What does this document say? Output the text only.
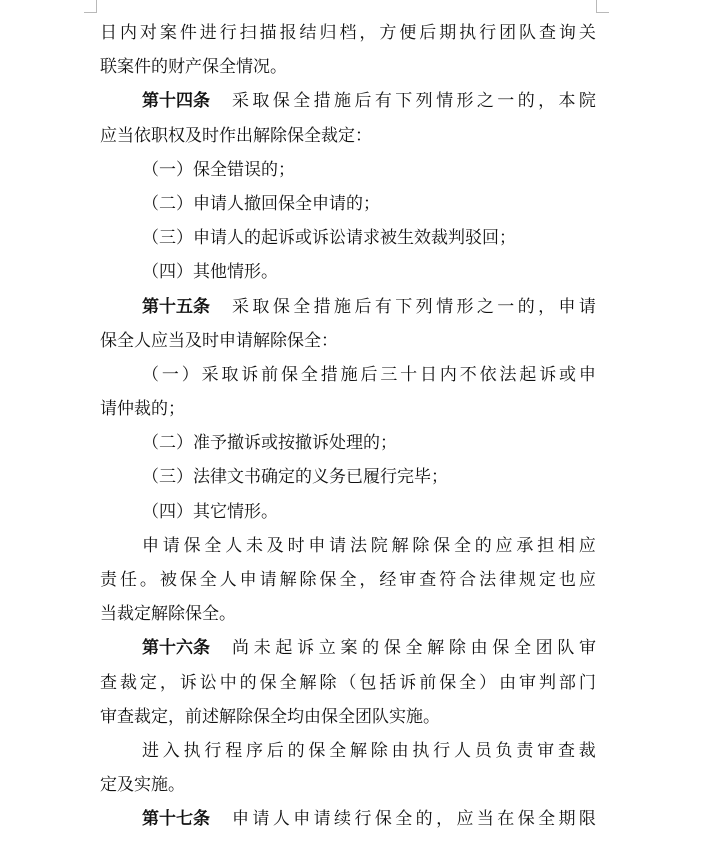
日 内 对 案 件 进 行 扫 描 报 结 归 档 ， 方 便 后 期 执 行 团 队 查 询 关
联案件的财产保全情况。
第十四条 采 取 保 全 措 施 后 有 下 列 情 形 之 一 的 ， 本 院
应 当 依 职 权 及 时 作 出 解 除 保 全 裁 定 ：
（一）保全错误的；
（二）申请人撤回保全申请的；
（三）申请人的起诉或诉讼请求被生效裁判驳回；
（四）其他情形。
第十五条 采 取 保 全 措 施 后 有 下 列 情 形 之 一 的 ， 申 请
保全人应当及时申请解除保全：
（ 一 ） 采 取 诉 前 保 全 措 施 后 三 十 日 内 不 依 法 起 诉 或 申
请仲裁的；
（二）准予撤诉或按撤诉处理的；
（三）法律文书确定的义务已履行完毕；
（四）其它情形。
申 请 保 全 人 未 及 时 申 请 法 院 解 除 保 全 的 应 承 担 相 应
责 任 。 被 保 全 人 申 请 解 除 保 全 ， 经 审 查 符 合 法 律 规 定 也 应
当裁定解除保全。
第十六条 尚 未 起 诉 立 案 的 保 全 解 除 由 保 全 团 队 审
查 裁 定 ， 诉 讼 中 的 保 全 解 除 （ 包 括 诉 前 保 全 ） 由 审 判 部 门
审查裁定，前述解除保全均由保全团队实施。
进 入 执 行 程 序 后 的 保 全 解 除 由 执 行 人 员 负 责 审 查 裁
定及实施。
第十七条 申 请 人 申 请 续 行 保 全 的 ， 应 当 在 保 全 期 限
